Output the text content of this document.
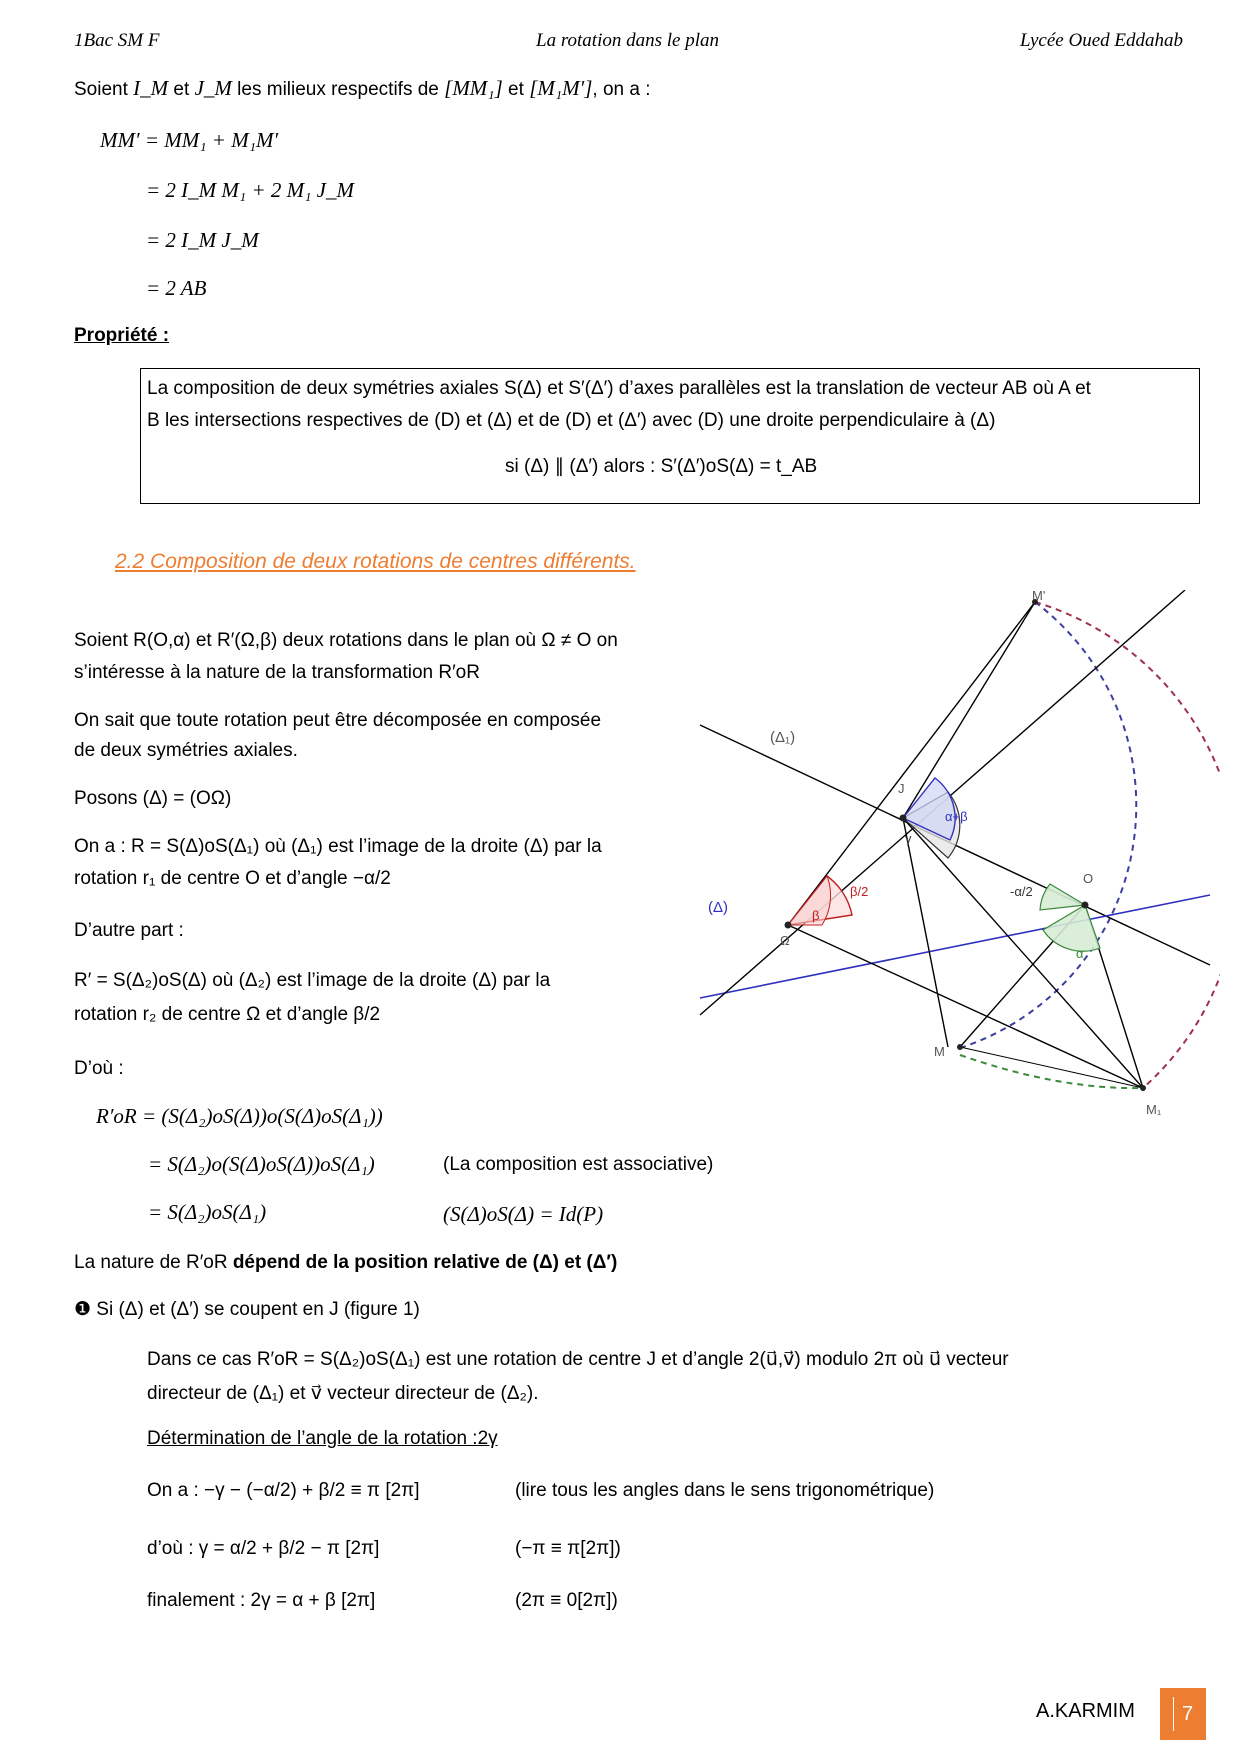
1Bac SM F	La rotation dans le plan	Lycée Oued Eddahab
Soient I_M et J_M les milieux respectifs de [MM₁] et [M₁M′], on a :
MM′ = MM₁ + M₁M′
= 2 I_M M₁ + 2 M₁ J_M
= 2 I_M J_M
= 2 AB
Propriété :
La composition de deux symétries axiales S(Δ) et S′(Δ′) d’axes parallèles est la translation de vecteur AB où A et
B les intersections respectives de (D) et (Δ) et de (D) et (Δ′) avec (D) une droite perpendiculaire à (Δ)
si (Δ) ∥ (Δ′) alors : S′(Δ′)oS(Δ) = t_AB
2.2 Composition de deux rotations de centres différents.
Soient R(O,α) et R′(Ω,β) deux rotations dans le plan où Ω ≠ O on
s’intéresse à la nature de la transformation R′oR
On sait que toute rotation peut être décomposée en composée
de deux symétries axiales.
Posons (Δ) = (OΩ)
On a : R = S(Δ)oS(Δ₁) où (Δ₁) est l’image de la droite (Δ) par la
rotation r₁ de centre O et d’angle −α/2
D’autre part :
R′ = S(Δ₂)oS(Δ) où (Δ₂) est l’image de la droite (Δ) par la
rotation r₂ de centre Ω et d’angle β/2
D’où :
R′oR = (S(Δ₂)oS(Δ))o(S(Δ)oS(Δ₁))
= S(Δ₂)o(S(Δ)oS(Δ))oS(Δ₁)	(La composition est associative)
= S(Δ₂)oS(Δ₁)	(S(Δ)oS(Δ) = Id(P)
La nature de R′oR dépend de la position relative de (Δ) et (Δ′)
❶ Si (Δ) et (Δ′) se coupent en J (figure 1)
Dans ce cas R′oR = S(Δ₂)oS(Δ₁) est une rotation de centre J et d’angle 2(u⃗,v⃗) modulo 2π où u⃗ vecteur
directeur de (Δ₁) et v⃗ vecteur directeur de (Δ₂).
Détermination de l’angle de la rotation :2γ
On a : −γ − (−α/2) + β/2 ≡ π [2π]	(lire tous les angles dans le sens trigonométrique)
d’où : γ = α/2 + β/2 − π [2π]	(−π ≡ π[2π])
finalement : 2γ = α + β [2π]	(2π ≡ 0[2π])
M'
(Δ₁)
J
α+β
γ
β/2	-α/2
O
(Δ)
Ω
β
α
M
M₁
A.KARMIM	7
